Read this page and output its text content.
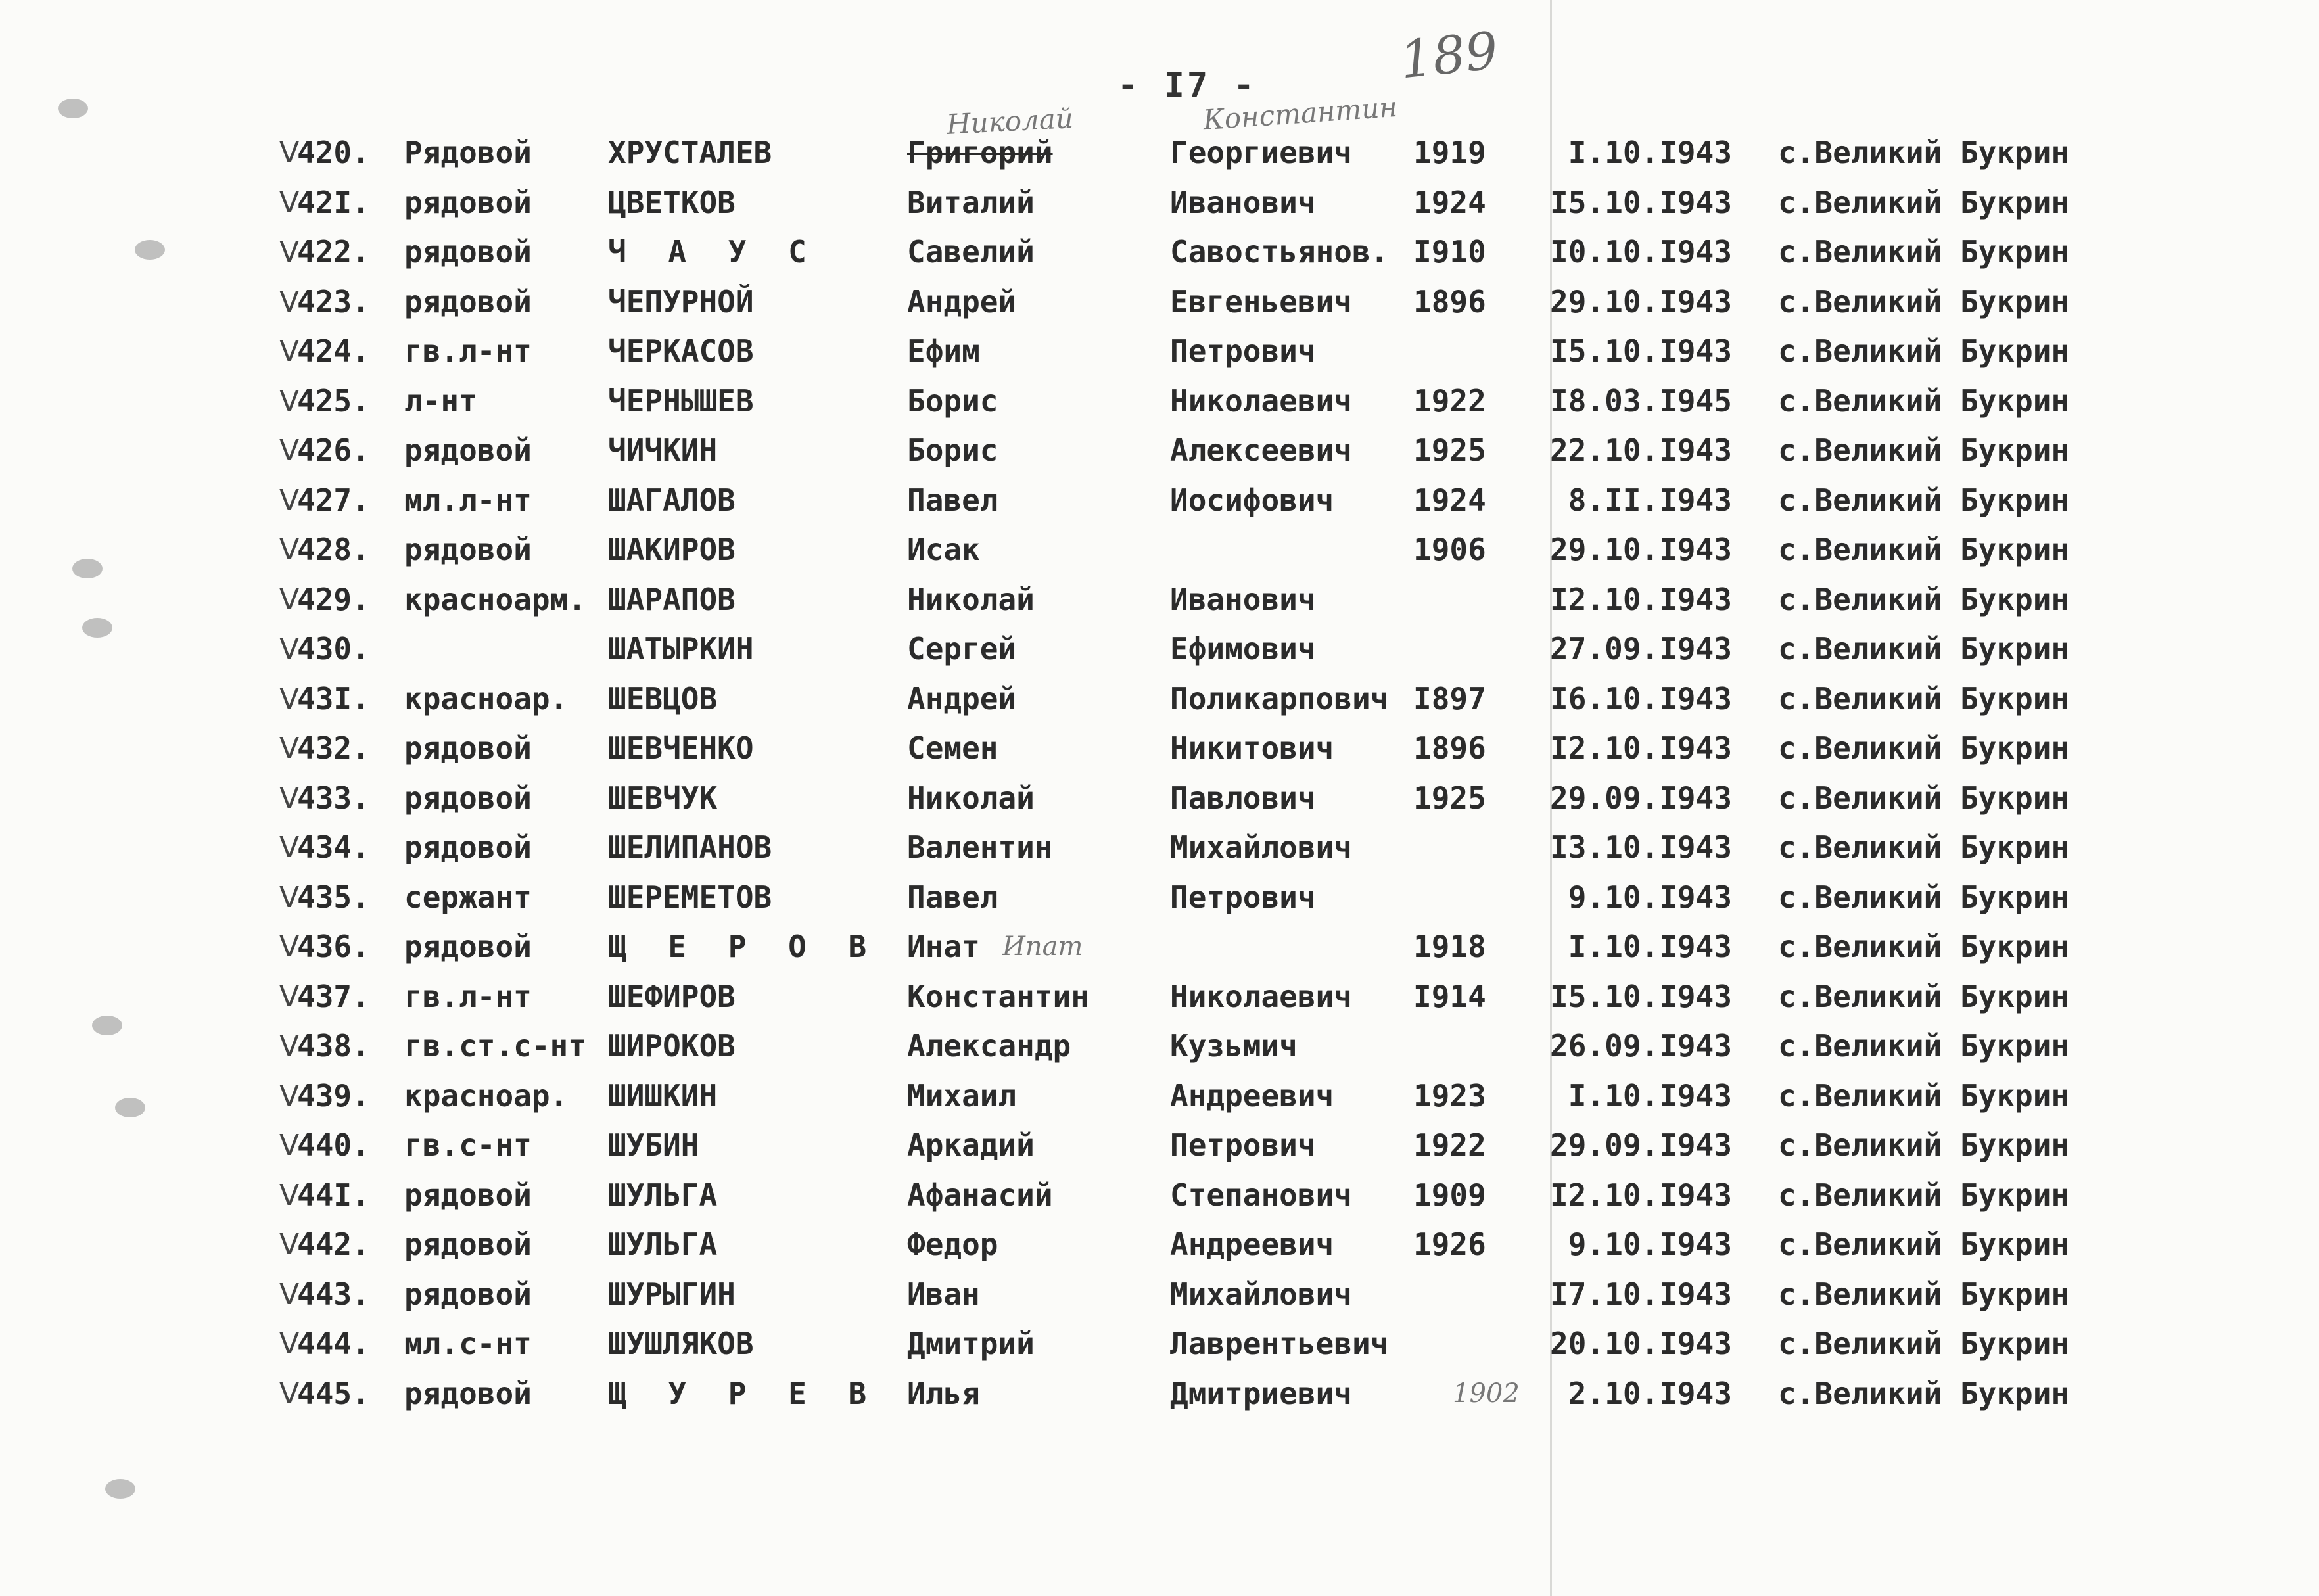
- I7 -	189
Николай	Константин
V
420. Рядовой	ХРУСТАЛЕВ	Григорий	Георгиевич 1919	I.10.I943 с.Великий Букрин
V
42I. рядовой	ЦВЕТКОВ	Виталий	Иванович	1924	I5.10.I943 с.Великий Букрин
V
422. рядовой	Ч А У С	Савелий	Савостьянов. I910	I0.10.I943 с.Великий Букрин
V
423. рядовой	ЧЕПУРНОЙ	Андрей	Евгеньевич 1896	29.10.I943 с.Великий Букрин
V
424. гв.л-нт	ЧЕРКАСОВ	Ефим	Петрович	I5.10.I943 с.Великий Букрин
V
425. л-нт	ЧЕРНЫШЕВ	Борис	Николаевич 1922	I8.03.I945 с.Великий Букрин
V
426. рядовой	ЧИЧКИН	Борис	Алексеевич 1925	22.10.I943 с.Великий Букрин
V
427. мл.л-нт	ШАГАЛОВ	Павел	Иосифович	1924	8.II.I943 с.Великий Букрин
V
428. рядовой	ШАКИРОВ	Исак	1906	29.10.I943 с.Великий Букрин
V
429. красноарм. ШАРАПОВ	Николай	Иванович	I2.10.I943 с.Великий Букрин
V
430.	ШАТЫРКИН	Сергей	Ефимович	27.09.I943 с.Великий Букрин
V
43I. красноар. ШЕВЦОВ	Андрей	Поликарпович I897	I6.10.I943 с.Великий Букрин
V
432. рядовой	ШЕВЧЕНКО	Семен	Никитович	1896	I2.10.I943 с.Великий Букрин
V
433. рядовой	ШЕВЧУК	Николай	Павлович	1925	29.09.I943 с.Великий Букрин
V
434. рядовой	ШЕЛИПАНОВ	Валентин	Михайлович	I3.10.I943 с.Великий Букрин
V
435. сержант	ШЕРЕМЕТОВ	Павел	Петрович	9.10.I943 с.Великий Букрин
V
436. рядовой	Щ Е Р О В Инат	1918	I.10.I943 с.Великий Букрин
Ипат
V
437. гв.л-нт	ШЕФИРОВ	Константин	Николаевич I914	I5.10.I943 с.Великий Букрин
V
438. гв.ст.с-нт ШИРОКОВ	Александр	Кузьмич	26.09.I943 с.Великий Букрин
V
439. красноар. ШИШКИН	Михаил	Андреевич	1923	I.10.I943 с.Великий Букрин
V
440. гв.с-нт	ШУБИН	Аркадий	Петрович	1922	29.09.I943 с.Великий Букрин
V
44I. рядовой	ШУЛЬГА	Афанасий	Степанович 1909	I2.10.I943 с.Великий Букрин
V
442. рядовой	ШУЛЬГА	Федор	Андреевич	1926	9.10.I943 с.Великий Букрин
V
443. рядовой	ШУРЫГИН	Иван	Михайлович	I7.10.I943 с.Великий Букрин
V
444. мл.с-нт	ШУШЛЯКОВ	Дмитрий	Лаврентьевич	20.10.I943 с.Великий Букрин
V
445. рядовой	Щ У Р Е В Илья	Дмитриевич	2.10.I943 с.Великий Букрин
1902
